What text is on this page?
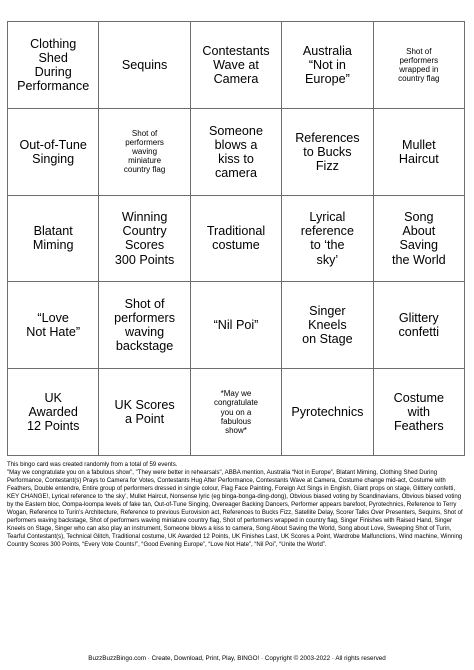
Clothing
Shed
During
Performance
Sequins
Contestants
Wave at
Camera
Australia
“Not in
Europe”
Shot of
performers
wrapped in
country flag
Out-of-Tune
Singing
Shot of
performers
waving
miniature
country flag
Someone
blows a
kiss to
camera
References
to Bucks
Fizz
Mullet
Haircut
Blatant
Miming
Winning
Country
Scores
300 Points
Traditional
costume
Lyrical
reference
to ‘the
sky’
Song
About
Saving
the World
“Love
Not Hate”
Shot of
performers
waving
backstage
“Nil Poi”
Singer
Kneels
on Stage
Glittery
confetti
UK
Awarded
12 Points
UK Scores
a Point
*May we
congratulate
you on a
fabulous
show*
Pyrotechnics
Costume
with
Feathers

This bingo card was created randomly from a total of 59 events.

"May we congratulate you on a fabulous show", "They were better in rehearsals", ABBA mention, Australia “Not in Europe”, Blatant Miming, Clothing Shed During Performance, Contestant(s) Prays to Camera for Votes, Contestants Hug After Performance, Contestants Wave at Camera, Costume change mid-act, Costume with Feathers, Double entendre, Entire group of performers dressed in single colour, Flag Face Painting, Foreign Act Sings in English, Giant props on stage, Glittery confetti, KEY CHANGE!, Lyrical reference to ‘the sky’, Mullet Haircut, Nonsense lyric (eg binga-bonga-ding-dong), Obvious biased voting by Scandinavians, Obvious biased voting by the Eastern bloc, Oompa-loompa levels of fake tan, Out-of-Tune Singing, Overeager Backing Dancers, Performer appears barefoot, Pyrotechnics, Reference to Terry Wogan, Reference to Turin’s Architecture, Reference to previous Eurovision act, References to Bucks Fizz, Satellite Delay, Scorer Talks Over Presenters, Sequins, Shot of performers waving backstage, Shot of performers waving miniature country flag, Shot of performers wrapped in country flag, Singer Finishes with Raised Hand, Singer Kneels on Stage, Singer who can also play an instrument, Someone blows a kiss to camera, Song About Saving the World, Song about Love, Sweeping Shot of Turin, Tearful Contestant(s), Technical Glitch, Traditional costume, UK Awarded 12 Points, UK Finishes Last, UK Scores a Point, Wardrobe Malfunctions, Wind machine, Winning Country Scores 300 Points, “Every Vote Counts!”, “Good Evening Europe”, “Love Not Hate”, “Nil Poi”, “Unite the World”.

BuzzBuzzBingo.com · Create, Download, Print, Play, BINGO! · Copyright © 2003-2022 · All rights reserved
